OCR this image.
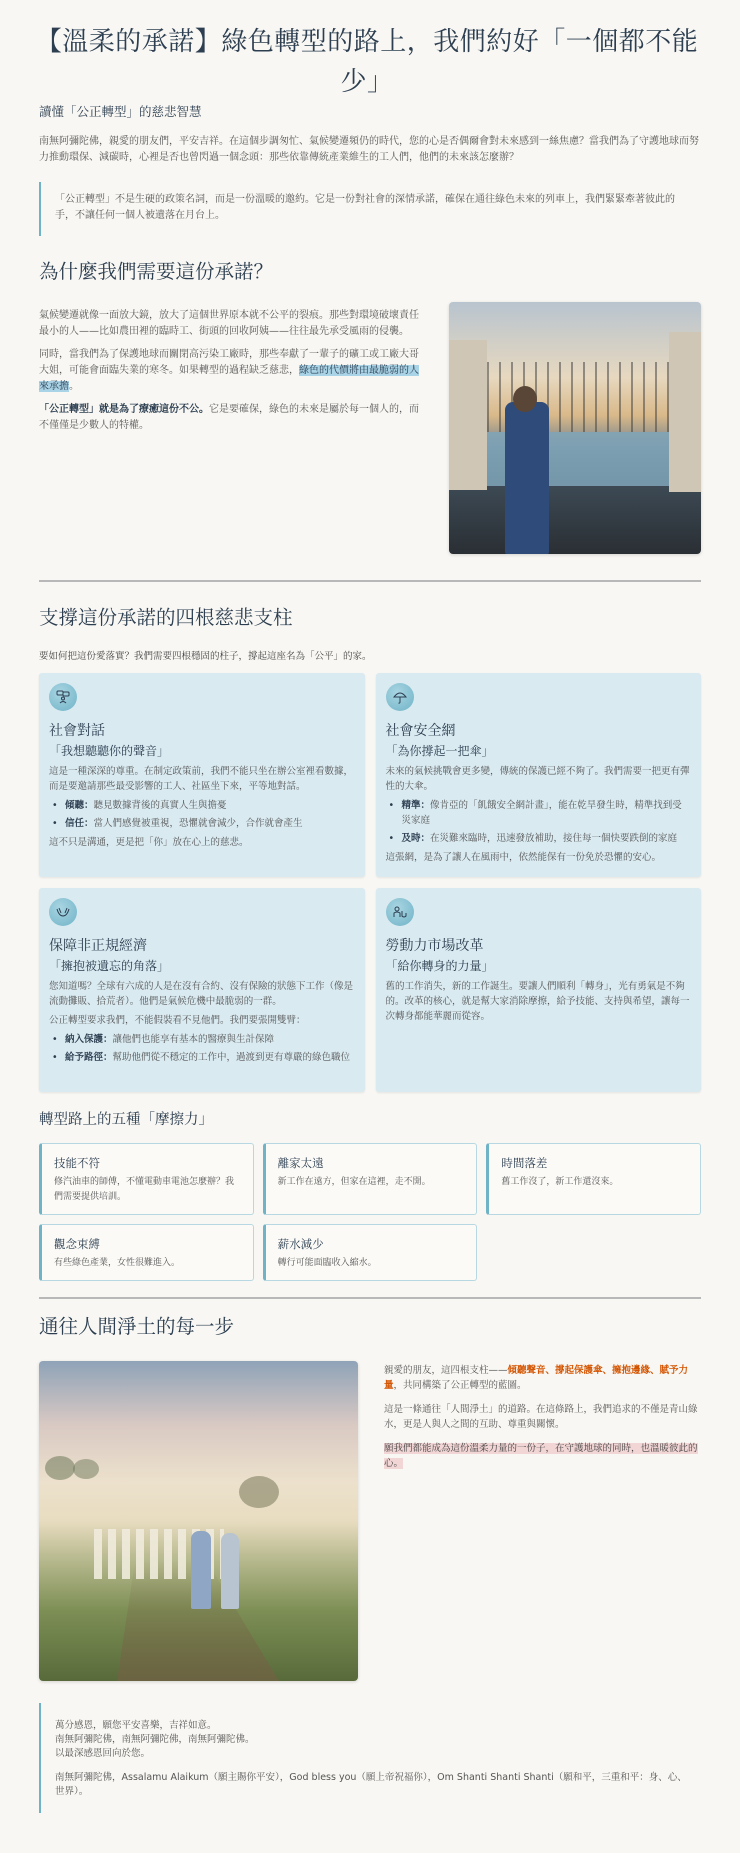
【溫柔的承諾】綠色轉型的路上，我們約好「一個都不能少」
讀懂「公正轉型」的慈悲智慧

南無阿彌陀佛，親愛的朋友們，平安吉祥。在這個步調匆忙、氣候變遷頻仍的時代，您的心是否偶爾會對未來感到一絲焦慮？當我們為了守護地球而努力推動環保、減碳時，心裡是否也曾閃過一個念頭：那些依靠傳統產業維生的工人們，他們的未來該怎麼辦？

「公正轉型」不是生硬的政策名詞，而是一份溫暖的邀約。它是一份對社會的深情承諾，確保在通往綠色未來的列車上，我們緊緊牽著彼此的手，不讓任何一個人被遺落在月台上。
為什麼我們需要這份承諾？

氣候變遷就像一面放大鏡，放大了這個世界原本就不公平的裂痕。那些對環境破壞責任最小的人——比如農田裡的臨時工、街頭的回收阿姨——往往最先承受風雨的侵襲。

同時，當我們為了保護地球而關閉高污染工廠時，那些奉獻了一輩子的礦工或工廠大哥大姐，可能會面臨失業的寒冬。如果轉型的過程缺乏慈悲，綠色的代價將由最脆弱的人來承擔。

「公正轉型」就是為了療癒這份不公。它是要確保，綠色的未來是屬於每一個人的，而不僅僅是少數人的特權。

支撐這份承諾的四根慈悲支柱
要如何把這份愛落實？我們需要四根穩固的柱子，撐起這座名為「公平」的家。
社會對話
「我想聽聽你的聲音」

這是一種深深的尊重。在制定政策前，我們不能只坐在辦公室裡看數據，而是要邀請那些最受影響的工人、社區坐下來，平等地對話。

• 傾聽：聽見數據背後的真實人生與擔憂
• 信任：當人們感覺被重視，恐懼就會減少，合作就會產生

這不只是溝通，更是把「你」放在心上的慈悲。

社會安全網
「為你撐起一把傘」

未來的氣候挑戰會更多變，傳統的保護已經不夠了。我們需要一把更有彈性的大傘。

• 精準：像肯亞的「飢餓安全網計畫」，能在乾旱發生時，精準找到受災家庭
• 及時：在災難來臨時，迅速發放補助，接住每一個快要跌倒的家庭

這張網，是為了讓人在風雨中，依然能保有一份免於恐懼的安心。

保障非正規經濟
「擁抱被遺忘的角落」

您知道嗎？全球有六成的人是在沒有合約、沒有保險的狀態下工作（像是流動攤販、拾荒者）。他們是氣候危機中最脆弱的一群。

公正轉型要求我們，不能假裝看不見他們。我們要張開雙臂：

• 納入保護：讓他們也能享有基本的醫療與生計保障
• 給予路徑：幫助他們從不穩定的工作中，過渡到更有尊嚴的綠色職位
勞動力市場改革
「給你轉身的力量」

舊的工作消失，新的工作誕生。要讓人們順利「轉身」，光有勇氣是不夠的。改革的核心，就是幫大家消除摩擦，給予技能、支持與希望，讓每一次轉身都能華麗而從容。

轉型路上的五種「摩擦力」
技能不符

修汽油車的師傅，不懂電動車電池怎麼辦？我們需要提供培訓。

離家太遠

新工作在遠方，但家在這裡，走不開。

時間落差

舊工作沒了，新工作還沒來。

觀念束縛

有些綠色產業，女性很難進入。

薪水減少

轉行可能面臨收入縮水。

通往人間淨土的每一步

親愛的朋友，這四根支柱——傾聽聲音、撐起保護傘、擁抱邊緣、賦予力量，共同構築了公正轉型的藍圖。

這是一條通往「人間淨土」的道路。在這條路上，我們追求的不僅是青山綠水，更是人與人之間的互助、尊重與關懷。

願我們都能成為這份溫柔力量的一份子，在守護地球的同時，也溫暖彼此的心。

萬分感恩，願您平安喜樂，吉祥如意。
南無阿彌陀佛，南無阿彌陀佛，南無阿彌陀佛。
以最深感恩回向於您。
南無阿彌陀佛，Assalamu Alaikum（願主賜你平安），God bless you（願上帝祝福你），Om Shanti Shanti Shanti（願和平，三重和平：身、心、世界）。
